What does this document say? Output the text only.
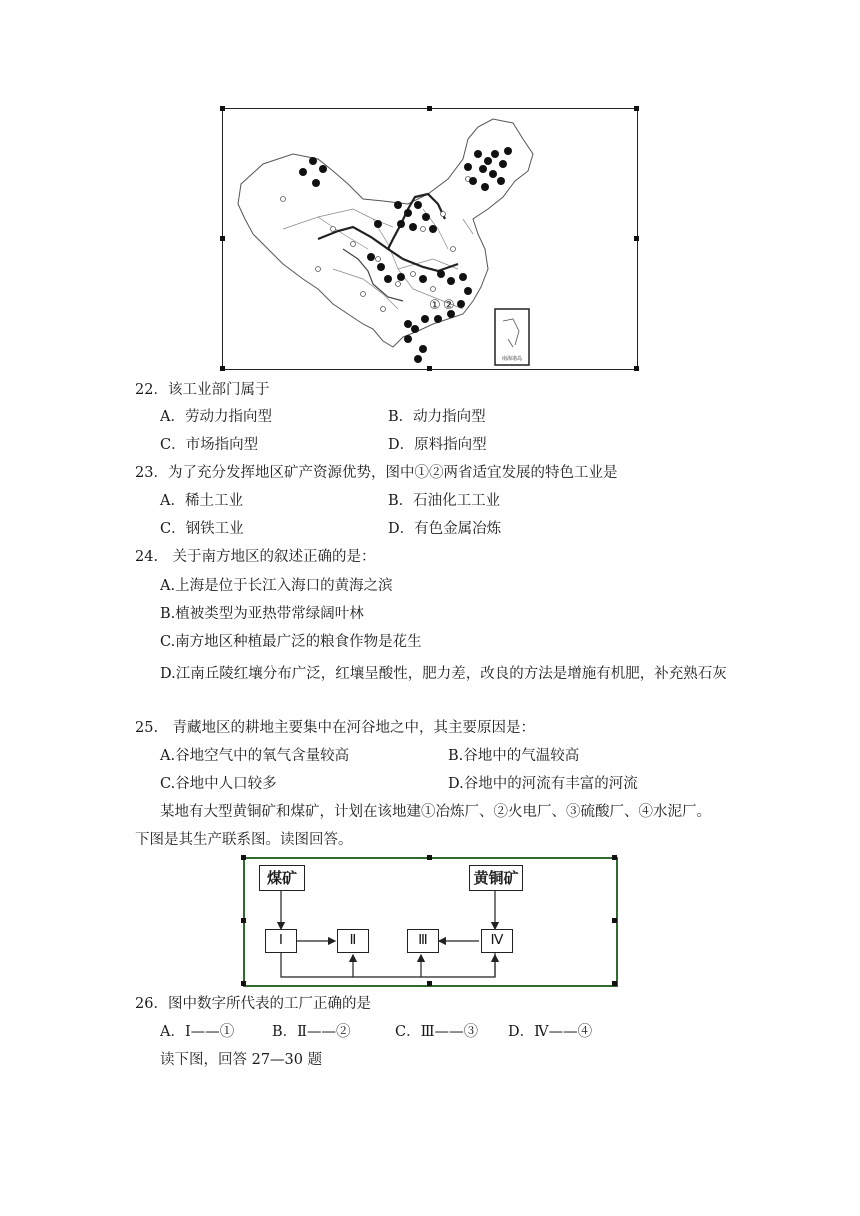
① ②
南海诸岛
22．该工业部门属于
A．劳动力指向型	B．动力指向型
C．市场指向型	D．原料指向型
23．为了充分发挥地区矿产资源优势，图中①②两省适宜发展的特色工业是
A．稀土工业	B．石油化工工业
C．钢铁工业	D．有色金属冶炼
24.　关于南方地区的叙述正确的是：
A.上海是位于长江入海口的黄海之滨
B.植被类型为亚热带常绿阔叶林
C.南方地区种植最广泛的粮食作物是花生
D.江南丘陵红壤分布广泛，红壤呈酸性，肥力差，改良的方法是增施有机肥，补充熟石灰
25.　青藏地区的耕地主要集中在河谷地之中，其主要原因是：
A.谷地空气中的氧气含量较高	B.谷地中的气温较高
C.谷地中人口较多	D.谷地中的河流有丰富的河流
某地有大型黄铜矿和煤矿，计划在该地建①冶炼厂、②火电厂、③硫酸厂、④水泥厂。
下图是其生产联系图。读图回答。
煤矿	黄铜矿
Ⅰ	Ⅱ	Ⅲ	Ⅳ
26．图中数字所代表的工厂正确的是
A．Ⅰ——①	B．Ⅱ——②	C．Ⅲ——③ D．Ⅳ——④
读下图，回答 27—30 题
